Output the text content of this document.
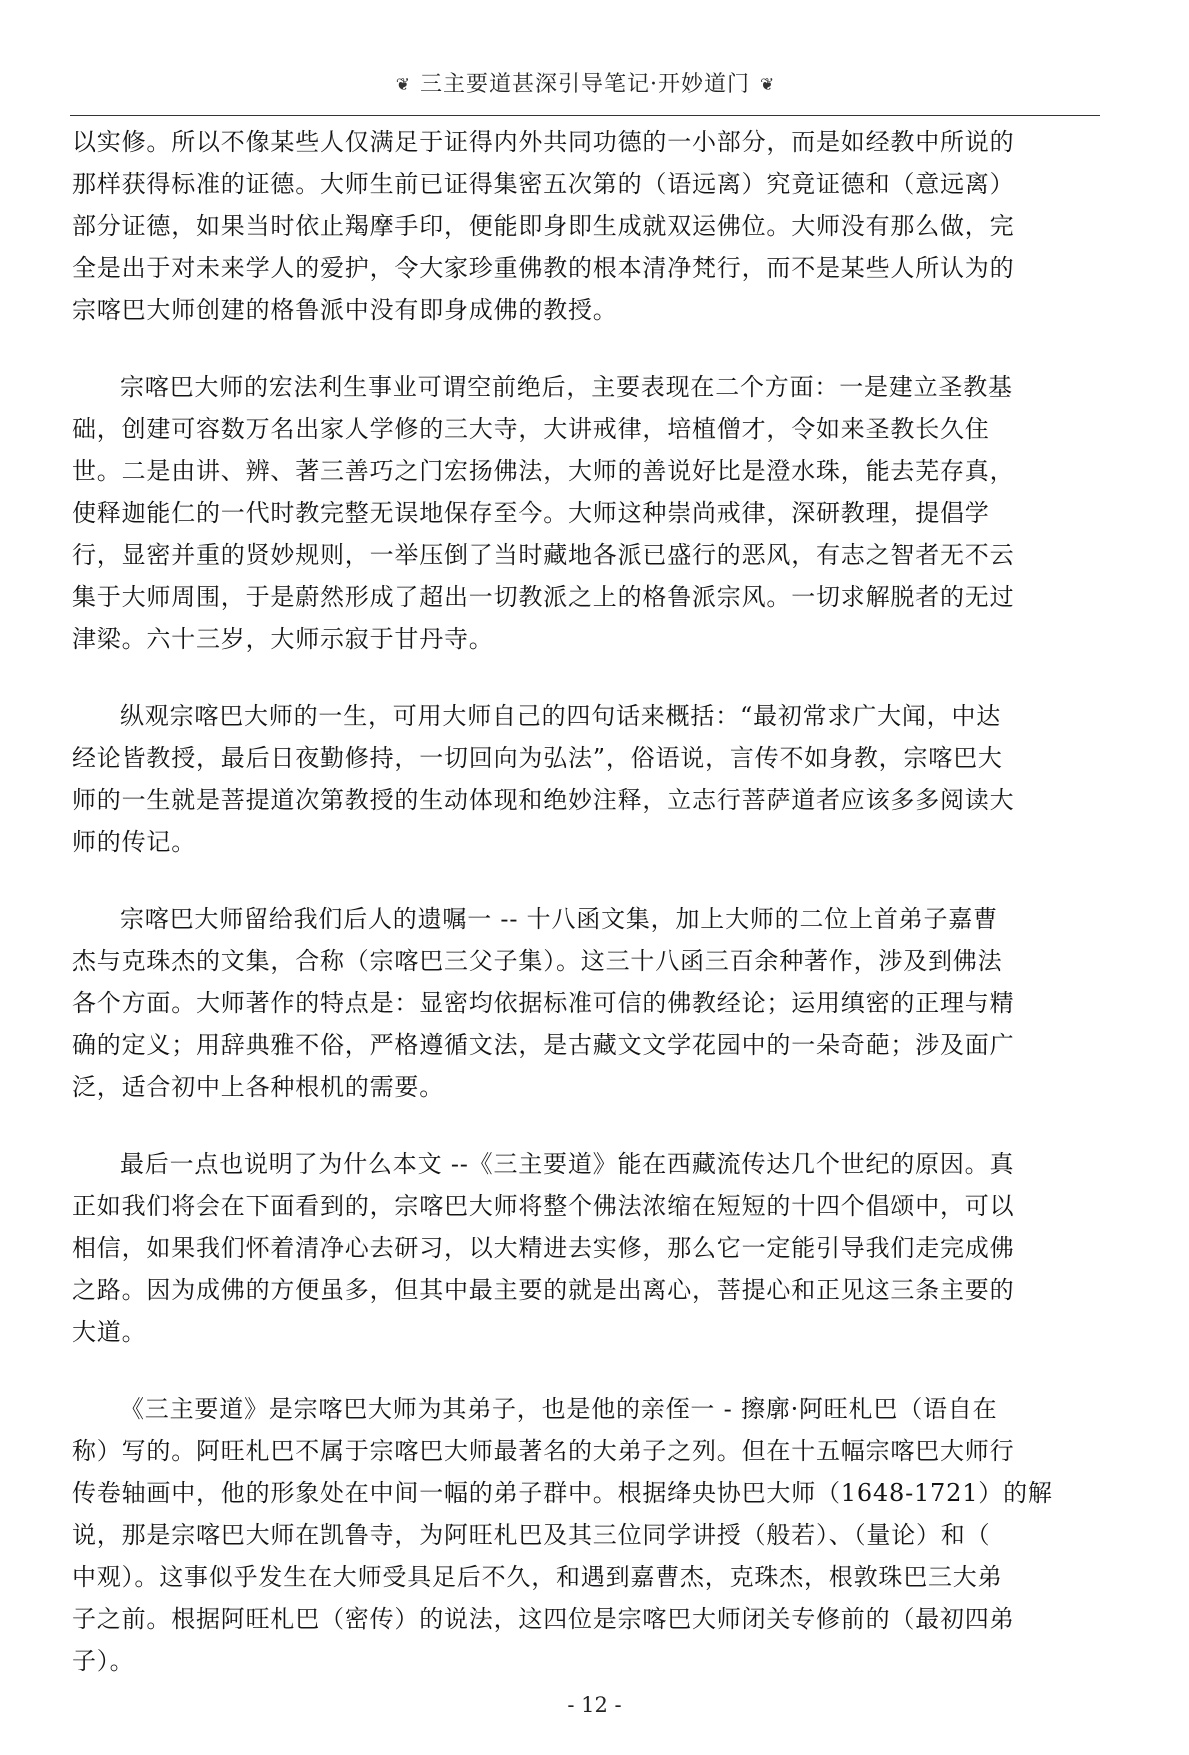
❦ 三主要道甚深引导笔记·开妙道门 ❦

以实修。所以不像某些人仅满足于证得内外共同功德的一小部分，而是如经教中所说的
那样获得标准的证德。大师生前已证得集密五次第的（语远离）究竟证德和（意远离）
部分证德，如果当时依止羯摩手印，便能即身即生成就双运佛位。大师没有那么做，完
全是出于对未来学人的爱护，令大家珍重佛教的根本清净梵行，而不是某些人所认为的
宗喀巴大师创建的格鲁派中没有即身成佛的教授。

宗喀巴大师的宏法利生事业可谓空前绝后，主要表现在二个方面：一是建立圣教基
础，创建可容数万名出家人学修的三大寺，大讲戒律，培植僧才，令如来圣教长久住
世。二是由讲、辨、著三善巧之门宏扬佛法，大师的善说好比是澄水珠，能去芜存真，
使释迦能仁的一代时教完整无误地保存至今。大师这种崇尚戒律，深研教理，提倡学
行，显密并重的贤妙规则，一举压倒了当时藏地各派已盛行的恶风，有志之智者无不云
集于大师周围，于是蔚然形成了超出一切教派之上的格鲁派宗风。一切求解脱者的无过
津梁。六十三岁，大师示寂于甘丹寺。

纵观宗喀巴大师的一生，可用大师自己的四句话来概括：“最初常求广大闻，中达
经论皆教授，最后日夜勤修持，一切回向为弘法”，俗语说，言传不如身教，宗喀巴大
师的一生就是菩提道次第教授的生动体现和绝妙注释，立志行菩萨道者应该多多阅读大
师的传记。

宗喀巴大师留给我们后人的遗嘱一 -- 十八函文集，加上大师的二位上首弟子嘉曹
杰与克珠杰的文集，合称（宗喀巴三父子集）。这三十八函三百余种著作，涉及到佛法
各个方面。大师著作的特点是：显密均依据标准可信的佛教经论；运用缜密的正理与精
确的定义；用辞典雅不俗，严格遵循文法，是古藏文文学花园中的一朵奇葩；涉及面广
泛，适合初中上各种根机的需要。

最后一点也说明了为什么本文 --《三主要道》能在西藏流传达几个世纪的原因。真
正如我们将会在下面看到的，宗喀巴大师将整个佛法浓缩在短短的十四个倡颂中，可以
相信，如果我们怀着清净心去研习，以大精进去实修，那么它一定能引导我们走完成佛
之路。因为成佛的方便虽多，但其中最主要的就是出离心，菩提心和正见这三条主要的
大道。

《三主要道》是宗喀巴大师为其弟子，也是他的亲侄一 - 擦廓·阿旺札巴（语自在
称）写的。阿旺札巴不属于宗喀巴大师最著名的大弟子之列。但在十五幅宗喀巴大师行
传卷轴画中，他的形象处在中间一幅的弟子群中。根据绛央协巴大师（1648-1721）的解
说，那是宗喀巴大师在凯鲁寺，为阿旺札巴及其三位同学讲授（般若）、（量论）和（
中观）。这事似乎发生在大师受具足后不久，和遇到嘉曹杰，克珠杰，根敦珠巴三大弟
子之前。根据阿旺札巴（密传）的说法，这四位是宗喀巴大师闭关专修前的（最初四弟
子）。

- 12 -
